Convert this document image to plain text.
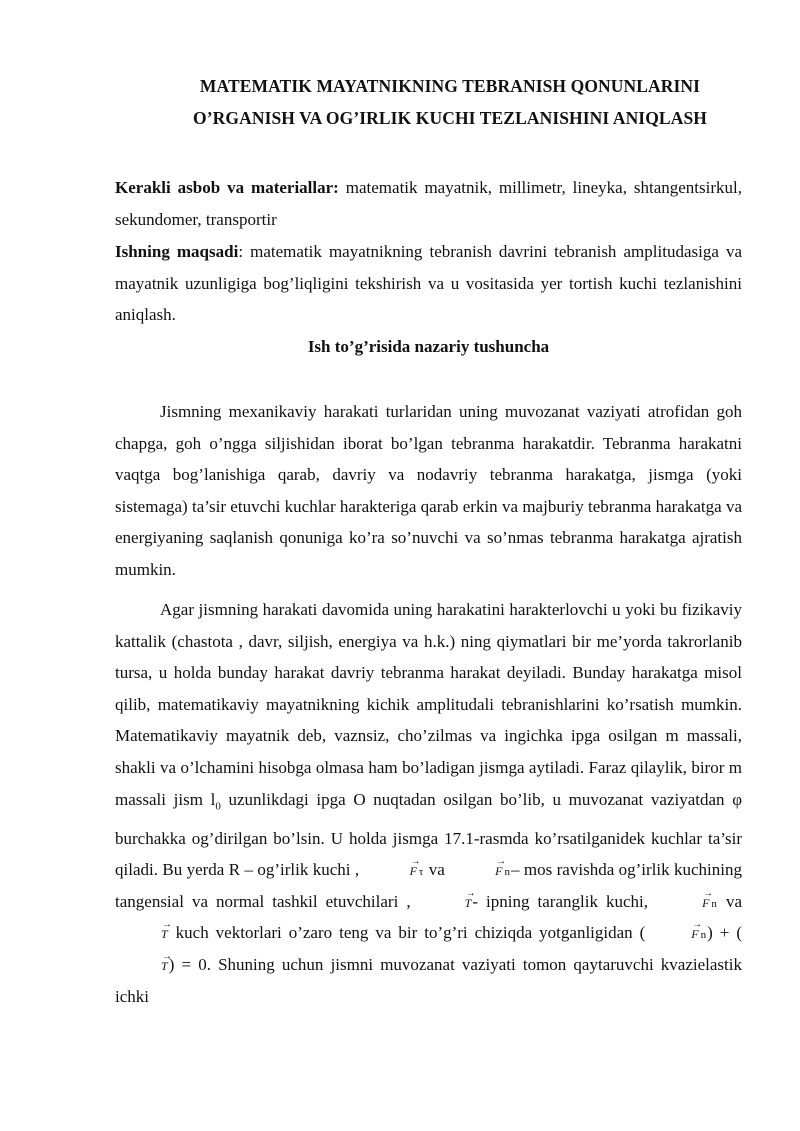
MATEMATIK MAYATNIKNING TEBRANISH QONUNLARINI
O’RGANISH VA OG’IRLIK KUCHI TEZLANISHINI ANIQLASH
Kerakli asbob va materiallar: matematik mayatnik, millimetr, lineyka, shtangentsirkul, sekundomer, transportir
Ishning maqsadi: matematik mayatnikning tebranish davrini tebranish amplitudasiga va mayatnik uzunligiga bog’liqligini tekshirish va u vositasida yer tortish kuchi tezlanishini aniqlash.
Ish to’g’risida nazariy tushuncha
Jismning mexanikaviy harakati turlaridan uning muvozanat vaziyati atrofidan goh chapga, goh o’ngga siljishidan iborat bo’lgan tebranma harakatdir. Tebranma harakatni vaqtga bog’lanishiga qarab, davriy va nodavriy tebranma harakatga, jismga (yoki sistemaga) ta’sir etuvchi kuchlar harakteriga qarab erkin va majburiy tebranma harakatga va energiyaning saqlanish qonuniga ko’ra so’nuvchi va so’nmas tebranma harakatga ajratish mumkin.
Agar jismning harakati davomida uning harakatini harakterlovchi u yoki bu fizikaviy kattalik (chastota , davr, siljish, energiya va h.k.) ning qiymatlari bir me’yorda takrorlanib tursa, u holda bunday harakat davriy tebranma harakat deyiladi. Bunday harakatga misol qilib, matematikaviy mayatnikning kichik amplitudali tebranishlarini ko’rsatish mumkin. Matematikaviy mayatnik deb, vaznsiz, cho’zilmas va ingichka ipga osilgan m massali, shakli va o’lchamini hisobga olmasa ham bo’ladigan jismga aytiladi. Faraz qilaylik, biror m massali jism $l_0$ uzunlikdagi ipga O nuqtadan osilgan bo’lib, u muvozanat vaziyatdan φ burchakka og’dirilgan bo’lsin. U holda jismga 17.1-rasmda ko’rsatilganidek kuchlar ta’sir qiladi. Bu yerda R – og’irlik kuchi ,	→
F τ va	→
F n– mos ravishda og’irlik kuchining tangensial va normal tashkil etuvchilari ,	→
T- ipning taranglik kuchi,	→
F n va
→
T kuch vektorlari o’zaro teng va bir to’g’ri chiziqda yotganligidan (	→
F n) + (
→
T) = 0. Shuning uchun jismni muvozanat vaziyati tomon qaytaruvchi kvazielastik ichki
